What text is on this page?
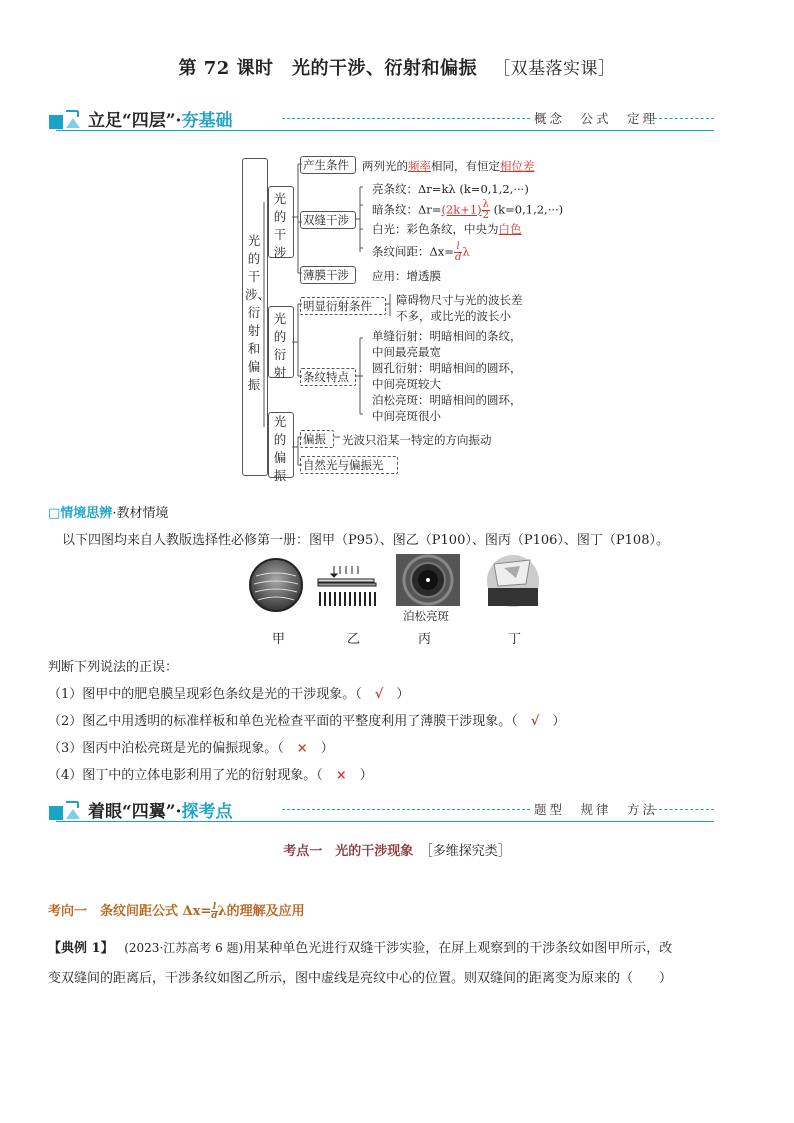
第 72 课时　光的干涉、衍射和偏振 ［双基落实课］
立足“四层”·夯基础	概念　公式　定理
光的干涉、衍射和偏振
光的干涉
产生条件 两列光的频率相同，有恒定相位差
双缝干涉
亮条纹：Δr=kλ (k=0,1,2,···)
暗条纹：$\Delta r=(2k+1)\frac{\lambda}{2} (k=0,1,2,\cdot\cdot\cdot)$
白光：彩色条纹，中央为白色
条纹间距：$\Delta x=\frac{l}{d}\lambda$
薄膜干涉 应用：增透膜
光的衍射
明显衍射条件 障碍物尺寸与光的波长差
不多，或比光的波长小
条纹特点
单缝衍射：明暗相间的条纹，
中间最亮最宽
圆孔衍射：明暗相间的圆环，
中间亮斑较大
泊松亮斑：明暗相间的圆环，
中间亮斑很小
光的偏振
偏振 光波只沿某一特定的方向振动
自然光与偏振光
□情境思辨·教材情境
以下四图均来自人教版选择性必修第一册：图甲（P95）、图乙（P100）、图丙（P106）、图丁（P108）。
泊松亮斑
甲	乙	丙	丁
判断下列说法的正误：
（1）图甲中的肥皂膜呈现彩色条纹是光的干涉现象。（　 √　 ）
（2）图乙中用透明的标准样板和单色光检查平面的平整度利用了薄膜干涉现象。（　 √　 ）
（3）图丙中泊松亮斑是光的偏振现象。（　 ×　 ）
（4）图丁中的立体电影利用了光的衍射现象。（　 ×　 ）
着眼“四翼”·探考点	题型　规律　方法
考点一　光的干涉现象　 ［多维探究类］
考向一　条纹间距公式 $\Delta x=\frac{l}{d}\lambda$的理解及应用
【典例 1】　 (2023·江苏高考 6 题)用某种单色光进行双缝干涉实验，在屏上观察到的干涉条纹如图甲所示，改
变双缝间的距离后，干涉条纹如图乙所示，图中虚线是亮纹中心的位置。则双缝间的距离变为原来的（　　）
